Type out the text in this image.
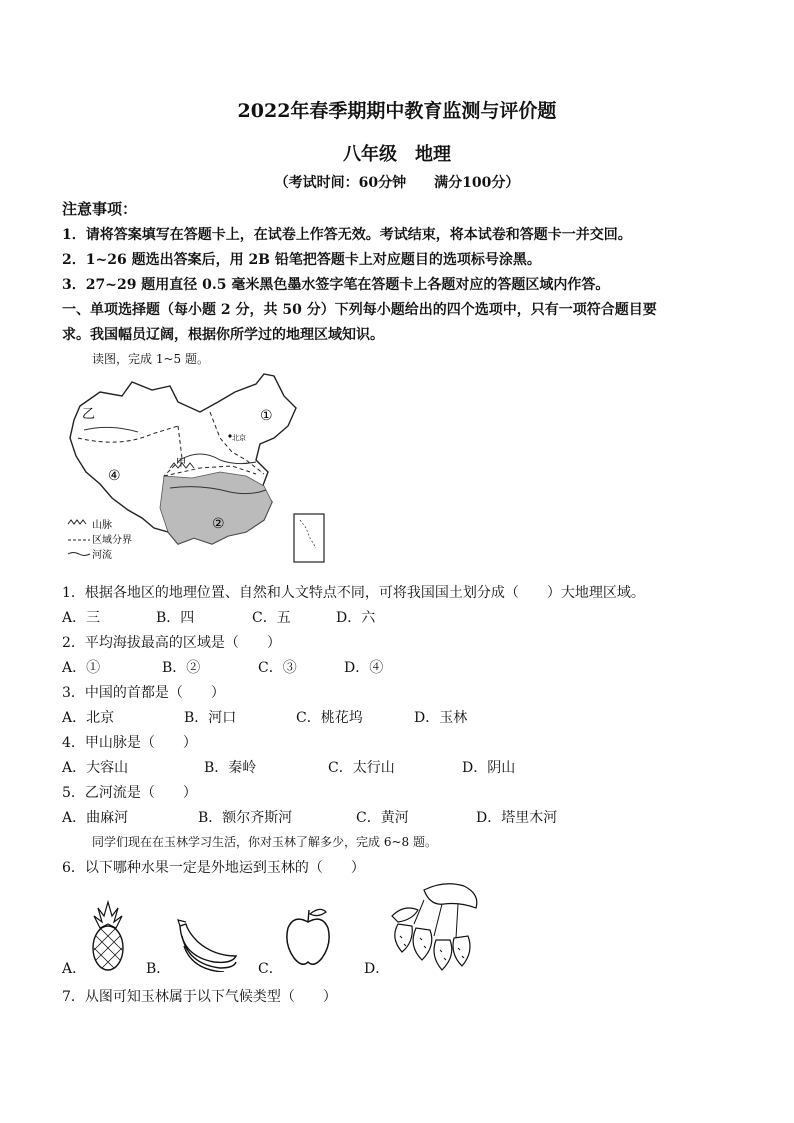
2022年春季期期中教育监测与评价题
八年级　地理
（考试时间：60分钟　　满分100分）
注意事项：
1．请将答案填写在答题卡上，在试卷上作答无效。考试结束，将本试卷和答题卡一并交回。
2．1~26 题选出答案后，用 2B 铅笔把答题卡上对应题目的选项标号涂黑。
3．27~29 题用直径 0.5 毫米黑色墨水签字笔在答题卡上各题对应的答题区域内作答。
一、单项选择题（每小题 2 分，共 50 分）下列每小题给出的四个选项中，只有一项符合题目要
求。我国幅员辽阔，根据你所学过的地理区域知识。
读图，完成 1~5 题。
①
②
乙
④
甲
北京
山脉
区域分界
河流
1．根据各地区的地理位置、自然和人文特点不同，可将我国国土划分成（　　）大地理区域。
A．三	B．四	C．五	D．六
2．平均海拔最高的区域是（　　）
A．①	B．②	C．③	D．④
3．中国的首都是（　　）
A．北京	B．河口	C．桃花坞	D．玉林
4．甲山脉是（　　）
A．大容山	B．秦岭	C．太行山	D．阴山
5．乙河流是（　　）
A．曲麻河	B．额尔齐斯河	C．黄河	D．塔里木河
同学们现在在玉林学习生活，你对玉林了解多少，完成 6~8 题。
6．以下哪种水果一定是外地运到玉林的（　　）
A．	B．	C．	D．
7．从图可知玉林属于以下气候类型（　　）
